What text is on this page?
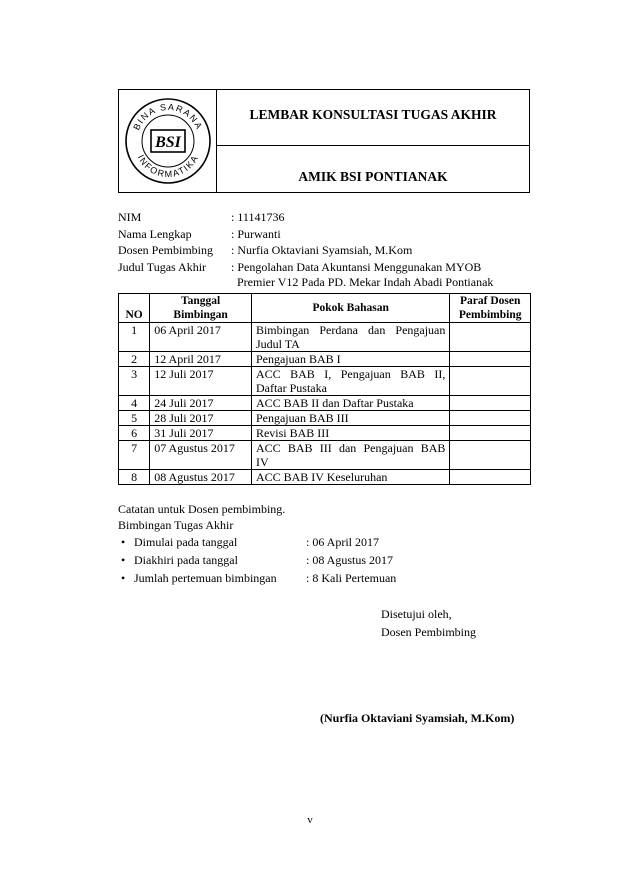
BINA SARANA
INFORMATIKA
BSI
LEMBAR KONSULTASI TUGAS AKHIR
AMIK BSI PONTIANAK
NIM	: 11141736
Nama Lengkap	: Purwanti
Dosen Pembimbing : Nurfia Oktaviani Syamsiah, M.Kom
Judul Tugas Akhir : Pengolahan Data Akuntansi Menggunakan MYOB
Premier V12 Pada PD. Mekar Indah Abadi Pontianak
NO	Tanggal Bimbingan	Pokok Bahasan	Paraf Dosen Pembimbing
1	06 April 2017	Bimbingan Perdana dan Pengajuan
Judul TA	

2	12 April 2017	Pengajuan BAB I	

3	12 Juli 2017	ACC BAB I, Pengajuan BAB II,
Daftar Pustaka	

4	24 Juli 2017	ACC BAB II dan Daftar Pustaka	

5	28 Juli 2017	Pengajuan BAB III	

6	31 Juli 2017	Revisi BAB III	

7	07 Agustus 2017	ACC BAB III dan Pengajuan BAB
IV	

8	08 Agustus 2017	ACC BAB IV Keseluruhan	

Catatan untuk Dosen pembimbing.
Bimbingan Tugas Akhir
• Dimulai pada tanggal	: 06 April 2017
• Diakhiri pada tanggal	: 08 Agustus 2017
• Jumlah pertemuan bimbingan : 8 Kali Pertemuan
Disetujui oleh,
Dosen Pembimbing
(Nurfia Oktaviani Syamsiah, M.Kom)
v
